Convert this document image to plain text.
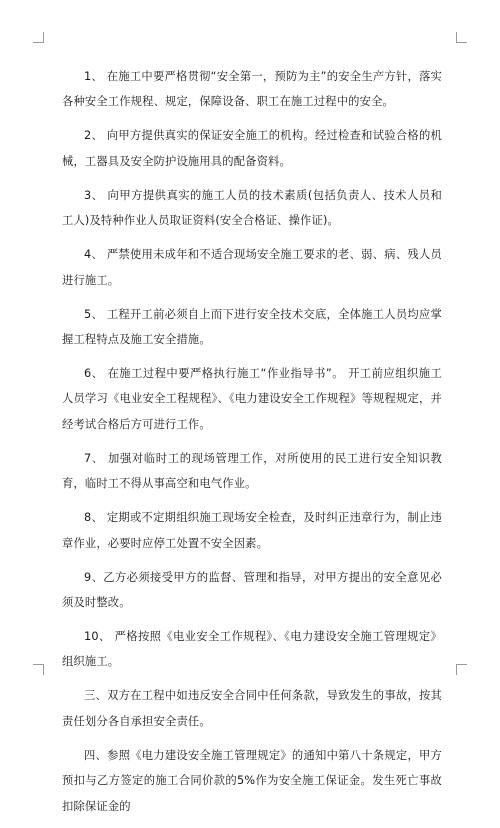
1、 在施工中要严格贯彻“安全第一，预防为主”的安全生产方针，落实各种安全工作规程、规定，保障设备、职工在施工过程中的安全。

2、 向甲方提供真实的保证安全施工的机构。经过检查和试验合格的机械，工器具及安全防护设施用具的配备资料。

3、 向甲方提供真实的施工人员的技术素质(包括负责人、技术人员和工人)及特种作业人员取证资料(安全合格证、操作证)。

4、 严禁使用未成年和不适合现场安全施工要求的老、弱、病、残人员进行施工。

5、 工程开工前必须自上而下进行安全技术交底，全体施工人员均应掌握工程特点及施工安全措施。

6、 在施工过程中要严格执行施工“作业指导书”。 开工前应组织施工人员学习《电业安全工程规程》、《电力建设安全工作规程》等规程规定，并经考试合格后方可进行工作。

7、 加强对临时工的现场管理工作，对所使用的民工进行安全知识教育，临时工不得从事高空和电气作业。

8、 定期或不定期组织施工现场安全检查，及时纠正违章行为，制止违章作业，必要时应停工处置不安全因素。

9、乙方必须接受甲方的监督、管理和指导，对甲方提出的安全意见必须及时整改。

10、 严格按照《电业安全工作规程》、《电力建设安全施工管理规定》组织施工。

三、双方在工程中如违反安全合同中任何条款，导致发生的事故，按其责任划分各自承担安全责任。

四、参照《电力建设安全施工管理规定》的通知中第八十条规定，甲方预扣与乙方签定的施工合同价款的5%作为安全施工保证金。发生死亡事故扣除保证金的
